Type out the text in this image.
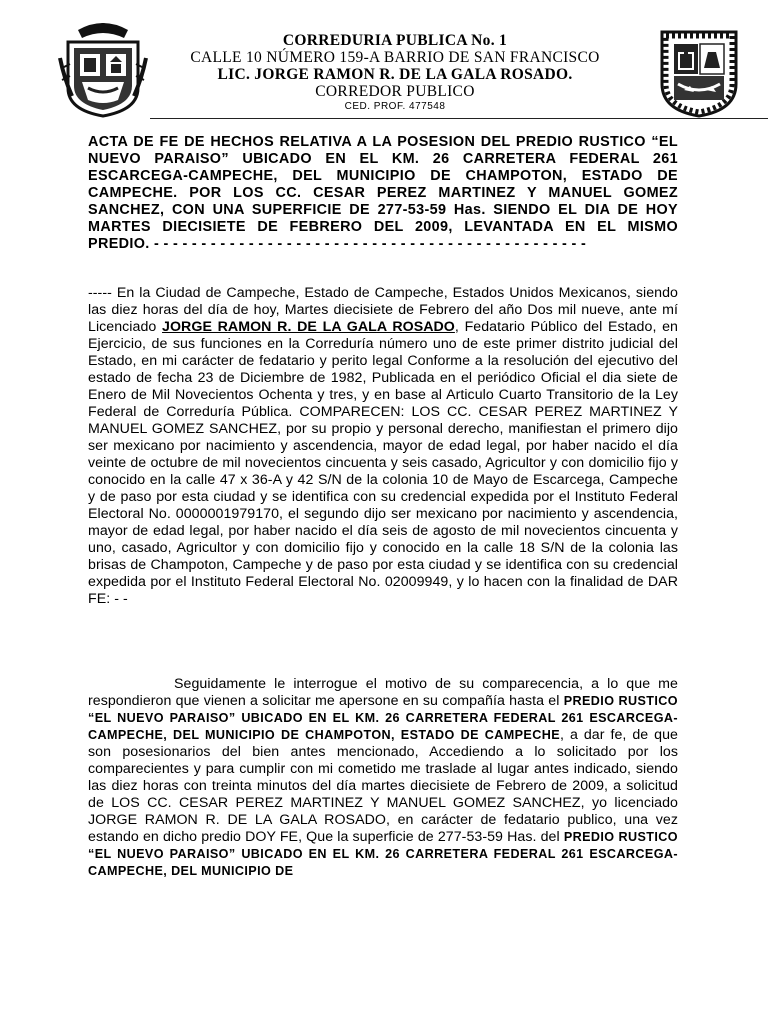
CORREDURIA PUBLICA No. 1
CALLE 10 NÚMERO 159-A BARRIO DE SAN FRANCISCO
LIC. JORGE RAMON R. DE LA GALA ROSADO.
CORREDOR PUBLICO
CED. PROF. 477548
ACTA DE FE DE HECHOS RELATIVA A LA POSESION DEL PREDIO RUSTICO “EL NUEVO PARAISO” UBICADO EN EL KM. 26 CARRETERA FEDERAL 261 ESCARCEGA-CAMPECHE, DEL MUNICIPIO DE CHAMPOTON, ESTADO DE CAMPECHE. POR LOS CC. CESAR PEREZ MARTINEZ Y MANUEL GOMEZ SANCHEZ, CON UNA SUPERFICIE DE 277-53-59 Has. SIENDO EL DIA DE HOY MARTES DIECISIETE DE FEBRERO DEL 2009, LEVANTADA EN EL MISMO PREDIO. - - - - - - - - - - - - - - - - - - - - - - - - - - - - - - - - - - - - - - - - - - - - - -
----- En la Ciudad de Campeche, Estado de Campeche, Estados Unidos Mexicanos, siendo las diez horas del día de hoy, Martes diecisiete de Febrero del año Dos mil nueve, ante mí Licenciado JORGE RAMON R. DE LA GALA ROSADO, Fedatario Público del Estado, en Ejercicio, de sus funciones en la Correduría número uno de este primer distrito judicial del Estado, en mi carácter de fedatario y perito legal Conforme a la resolución del ejecutivo del estado de fecha 23 de Diciembre de 1982, Publicada en el periódico Oficial el dia siete de Enero de Mil Novecientos Ochenta y tres, y en base al Articulo Cuarto Transitorio de la Ley Federal de Correduría Pública. COMPARECEN: LOS CC. CESAR PEREZ MARTINEZ Y MANUEL GOMEZ SANCHEZ, por su propio y personal derecho, manifiestan el primero dijo ser mexicano por nacimiento y ascendencia, mayor de edad legal, por haber nacido el día veinte de octubre de mil novecientos cincuenta y seis casado, Agricultor y con domicilio fijo y conocido en la calle 47 x 36-A y 42 S/N de la colonia 10 de Mayo de Escarcega, Campeche y de paso por esta ciudad y se identifica con su credencial expedida por el Instituto Federal Electoral No. 0000001979170, el segundo dijo ser mexicano por nacimiento y ascendencia, mayor de edad legal, por haber nacido el día seis de agosto de mil novecientos cincuenta y uno, casado, Agricultor y con domicilio fijo y conocido en la calle 18 S/N de la colonia las brisas de Champoton, Campeche y de paso por esta ciudad y se identifica con su credencial expedida por el Instituto Federal Electoral No. 02009949, y lo hacen con la finalidad de DAR FE: - -
Seguidamente le interrogue el motivo de su comparecencia, a lo que me respondieron que vienen a solicitar me apersone en su compañía hasta el PREDIO RUSTICO “EL NUEVO PARAISO” UBICADO EN EL KM. 26 CARRETERA FEDERAL 261 ESCARCEGA-CAMPECHE, DEL MUNICIPIO DE CHAMPOTON, ESTADO DE CAMPECHE, a dar fe, de que son posesionarios del bien antes mencionado, Accediendo a lo solicitado por los comparecientes y para cumplir con mi cometido me traslade al lugar antes indicado, siendo las diez horas con treinta minutos del día martes diecisiete de Febrero de 2009, a solicitud de LOS CC. CESAR PEREZ MARTINEZ Y MANUEL GOMEZ SANCHEZ, yo licenciado JORGE RAMON R. DE LA GALA ROSADO, en carácter de fedatario publico, una vez estando en dicho predio DOY FE, Que la superficie de 277-53-59 Has. del PREDIO RUSTICO “EL NUEVO PARAISO” UBICADO EN EL KM. 26 CARRETERA FEDERAL 261 ESCARCEGA-CAMPECHE, DEL MUNICIPIO DE
